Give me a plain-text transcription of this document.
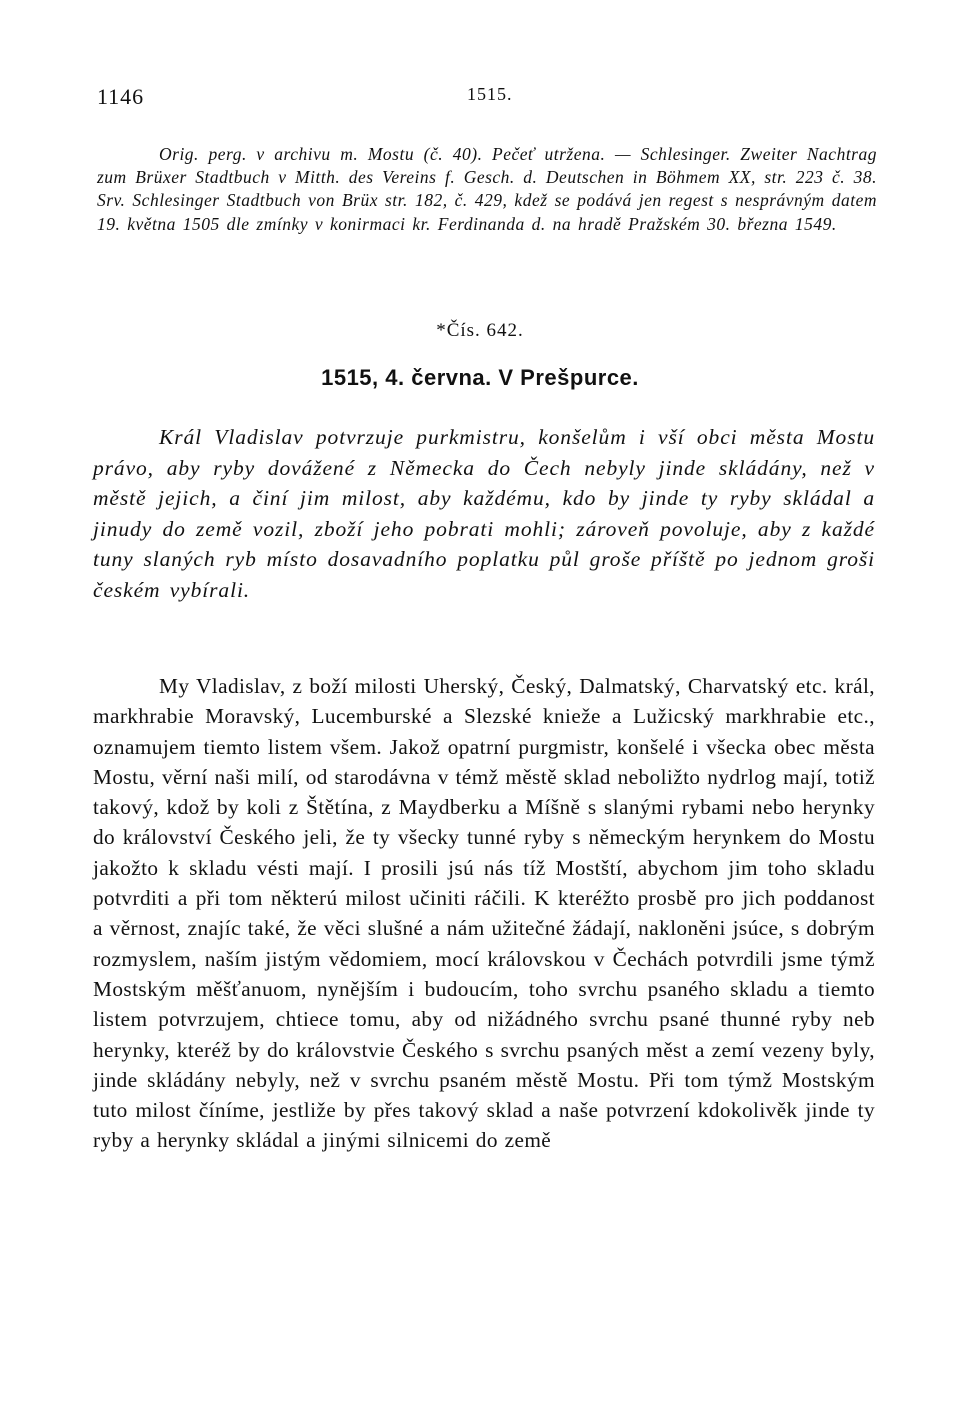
1146	1515.

Orig. perg. v archivu m. Mostu (č. 40). Pečeť utržena. — Schlesinger. Zweiter Nachtrag zum Brüxer Stadtbuch v Mitth. des Vereins f. Gesch. d. Deutschen in Böhmem XX, str. 223 č. 38. Srv. Schlesinger Stadtbuch von Brüx str. 182, č. 429, kdež se podává jen regest s nesprávným datem 19. května 1505 dle zmínky v konirmaci kr. Ferdinanda d. na hradě Pražském 30. března 1549.

*Čís. 642.
1515, 4. června. V Prešpurce.

Král Vladislav potvrzuje purkmistru, konšelům i vší obci města Mostu právo, aby ryby dovážené z Německa do Čech nebyly jinde skládány, než v městě jejich, a činí jim milost, aby každému, kdo by jinde ty ryby skládal a jinudy do země vozil, zboží jeho pobrati mohli; zároveň povoluje, aby z každé tuny slaných ryb místo dosavadního poplatku půl groše příště po jednom groši českém vybírali.

My Vladislav, z boží milosti Uherský, Český, Dalmatský, Charvatský etc. král, markhrabie Moravský, Lucemburské a Slezské knieže a Lužicský markhrabie etc., oznamujem tiemto listem všem. Jakož opatrní purgmistr, konšelé i všecka obec města Mostu, věrní naši milí, od starodávna v témž městě sklad neboližto nydrlog mají, totiž takový, kdož by koli z Štětína, z Maydberku a Míšně s slanými rybami nebo herynky do království Českého jeli, že ty všecky tunné ryby s německým herynkem do Mostu jakožto k skladu vésti mají. I prosili jsú nás tíž Mostští, abychom jim toho skladu potvrditi a při tom některú milost učiniti ráčili. K kteréžto prosbě pro jich poddanost a věrnost, znajíc také, že věci slušné a nám užitečné žádají, nakloněni jsúce, s dobrým rozmyslem, naším jistým vědomiem, mocí královskou v Čechách potvrdili jsme týmž Mostským měšťanuom, nynějším i budoucím, toho svrchu psaného skladu a tiemto listem potvrzujem, chtiece tomu, aby od nižádného svrchu psané thunné ryby neb herynky, kteréž by do královstvie Českého s svrchu psaných měst a zemí vezeny byly, jinde skládány nebyly, než v svrchu psaném městě Mostu. Při tom týmž Mostským tuto milost číníme, jestliže by přes takový sklad a naše potvrzení kdokolivěk jinde ty ryby a herynky skládal a jinými silnicemi do země
